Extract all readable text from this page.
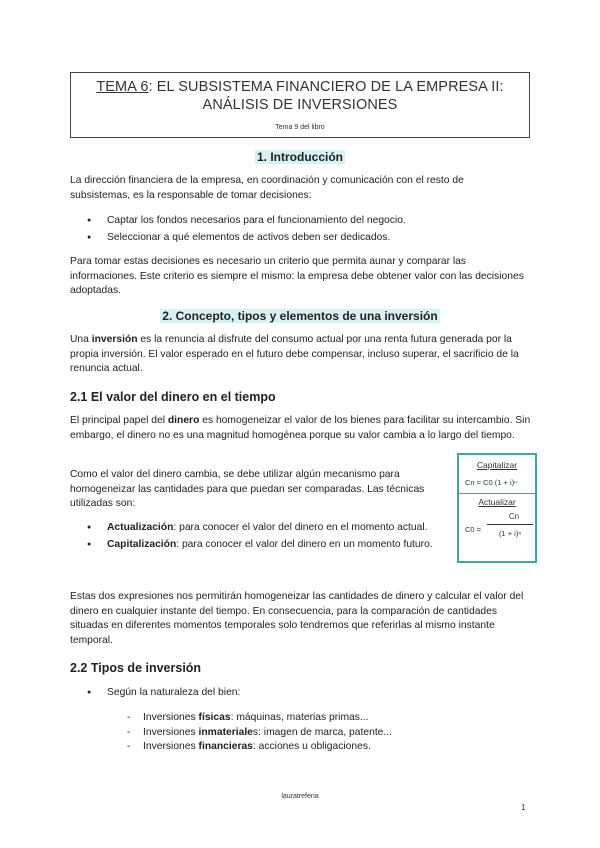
TEMA 6: EL SUBSISTEMA FINANCIERO DE LA EMPRESA II:
ANÁLISIS DE INVERSIONES
Tema 9 del libro
1. Introducción

La dirección financiera de la empresa, en coordinación y comunicación con el resto de subsistemas, es la responsable de tomar decisiones:

● Captar los fondos necesarios para el funcionamiento del negocio.
● Seleccionar a qué elementos de activos deben ser dedicados.

Para tomar estas decisiones es necesario un criterio que permita aunar y comparar las informaciones. Este criterio es siempre el mismo: la empresa debe obtener valor con las decisiones adoptadas.

2. Concepto, tipos y elementos de una inversión

Una inversión es la renuncia al disfrute del consumo actual por una renta futura generada por la propia inversión. El valor esperado en el futuro debe compensar, incluso superar, el sacrificio de la renuncia actual.

2.1 El valor del dinero en el tiempo

El principal papel del dinero es homogeneizar el valor de los bienes para facilitar su intercambio. Sin embargo, el dinero no es una magnitud homogénea porque su valor cambia a lo largo del tiempo.

Como el valor del dinero cambia, se debe utilizar algún mecanismo para homogeneizar las cantidades para que puedan ser comparadas. Las técnicas utilizadas son:

● Actualización: para conocer el valor del dinero en el momento actual.
● Capitalización: para conocer el valor del dinero en un momento futuro.
Capitalizar
Cn = C0 (1 + i)ⁿ
Actualizar
C0 =
Cn
(1 + i)ⁿ

Estas dos expresiones nos permitirán homogeneizar las cantidades de dinero y calcular el valor del dinero en cualquier instante del tiempo. En consecuencia, para la comparación de cantidades situadas en diferentes momentos temporales solo tendremos que referirlas al mismo instante temporal.

2.2 Tipos de inversión
● Según la naturaleza del bien:
- Inversiones físicas: máquinas, materias primas...
- Inversiones inmateriales: imagen de marca, patente...
- Inversiones financieras: acciones u obligaciones.
lauratreferia
1
